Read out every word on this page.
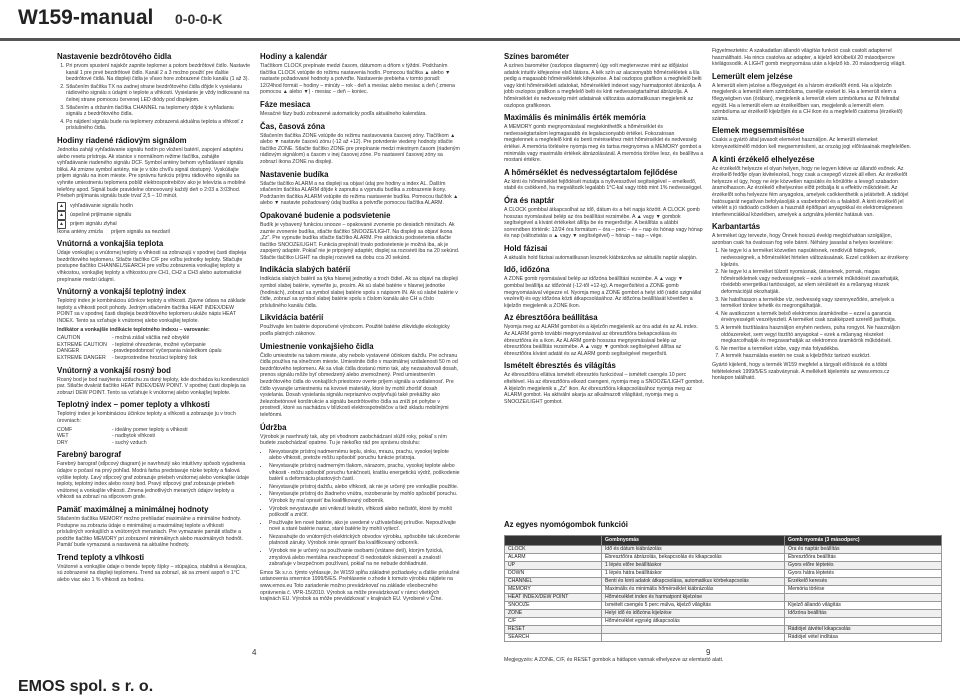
W159-manual 0-0-0-K
Nastavenie bezdrôtového čidla
1. Pri prvom spustení najskôr zapnite teplomer a potom bezdrôtové čidlo. Nastavte kanál 1 pre prvé bezdrôtové čidlo. Kanál 2 a 3 možno použiť pre ďalšie bezdrôtové čidlá. Na displeji čidla je vľavo hore zobrazené číslo kanálu (1 až 3).
2. Stlačením tlačítka TX na zadnej strane bezdrôtového čidla dôjde k vysielaniu rádiového signálu s údajmi o teplote a vlhkosti. Vysielanie je vždy indikované na čelnej strane pomocou červenej LED diódy pod displejom.
3. Stlačením a držaním tlačítka CHANNEL na teplomery dôjde k vyhľadaniu signálu z bezdrôtového čidla.
4. Po nájdení signálu bude na teplomery zobrazená aktuálna teplota a vlhkosť z príslušného čidla.
Hodiny riadené rádiovým signálom

Jednotka zahájí vyhľadávanie signálu hodín po vložení batérií, zapojení adaptéru alebo resetu prístroja. Ak stanice v normálnom režime tlačítka, zahájite vyhľadávanie riadeného signálu DCF. Symbol antény behom vyhľadávaní signálu bliká. Ak zmizne symbol antény, nie je v túto chvíľu signál dostupný. Vyskúšajte prijem signálu na inom mieste. Pre správnu funkciu príjmu rádiového signálu sa vyhnite umiestneniu teplomera pobliž elektrospotrebičov ako je televízia a mobilné telefóny apod. Signál bude pravidelne obnovovaný každý deň o 2:03 a 3:03hod. Priebeh prijímania signálu bude trvať 2,5 – 10 minút.

▲	vyhľadávanie signálu hodín
▲	úspešné prijímanie signálu
▲	prijem signálu zlyhal
Ikona antény zmizla	príjem signálu sa nezdaril
Vnútorná a vonkajšia teplota

Údaje vonkajšej a vnútornej teploty a vlhkosti sa zobrazujú v spodnej časti displeja bezdrôtového teplomeru. Stlačte tlačítko C/F pre voľbu jednotky teploty. Stlačujte postupne tlačítko CHANNEL/SEARCH pre voľbu zobrazenia vonkajšej teploty a vlhkostou, vonkajšej teploty a vlhkostou pre CH1, CH2 a CH3 alebo automatické prepínanie medzi údajmi.

Vnútorný a vonkajší teplotný index

Teplotný index je kombináciou účinkov teploty a vlhkosti. Zjavne údava na základe teploty a vlhkosti pocit pohody. Jedným stlačením tlačítka HEAT INDEX/DEW POINT sa v spodnej časti displeja bezdrôtového teplomeru ukáže nápis HEAT INDEX. Tento sa vzťahuje k vnútornej alebo vonkajšej teplote.

Indikátor a vonkajšie indikácie teplotného indexu – varovanie:

CAUTION	- možná zášal väčšia než obvyklé
EXTREME CAUTION - teplotné ohrezdenie, možné vyčerpanie
DANGER	-pravdepodobnosť vyčerpania následkom úpalu
EXTREME DANGER	- bezprostredne hrozíaci teplotný šok
Vnútorný a vonkajší rosný bod

Rosný bod je bod nasýtenia vzduchu za daný teploty, kde dochádza ku kondenzácii par. Stlačte dvakrát tlačítko HEAT INDEX/DEW POINT. V spodnej časti displeja sa zobrazí DEW POINT. Tento sa vzťahuje k vnútornej alebo vonkajšej teplote.

Teplotný index – pomer teploty a vlhkosti

Teplotný index je kombináciou účinkov teploty a vlhkosti a zobrazuje ju v troch úrovniach:

COMF	- ideálny pomer teploty a vlhkosti
WET	- nadbytok vlhkosti
DRY	- suchý vzduch
Farebný barograf

Farebný barograf (stĺpcový diagram) je navrhnutý ako intuitívny spôsob vyjadrenia údajov o počasí na prvý pohľad. Modrá farba predstavuje nízke teploty a fialová vyššie teploty. Ľavý stĺpcový graf zobrazuje priebeh vnútornej alebo vonkajšie údaje teploty, teplotný index alebo rosný bod. Pravý stĺpcový graf zobrazuje priebeh vnútornej a vonkajšie vlhkosti. Zmena jednotlivých meraných údajov teploty a vlhkosti sa zobrazí na stĺpcovom grafe.

Pamäť maximálnej a minimálnej hodnoty

Stlačením tlačítka MEMORY možno prehliadať maximálne a minimálne hodnoty. Postupne sa zobrazia údaje o minimálnej a maximálnej teplote a vlhkosti príslušných vonkajších a vnútorných meraniach. Pre vymazanie pamäti stlačte a podržte tlačítko MEMORY pri zobrazení minimálnych alebo maximálnych hodnôt. Pamäť bude vymazaná a nastavená na aktuálne hodnoty.

Trend teploty a vlhkosti

Vnútorné a vonkajšie údaje o trende tepoty šípky – stúpajúca, stabilná a klesajúca, sú zobrazené na displeji teplomeru. Trend sa zobrazí, ak sa zmení aspoň o 1°C alebo viac ako 1 % vlhkosti za hodinu.

Hodiny a kalendár

Tlačítkom CLOCK prepínate medzi časom, dátumom a dňom v týždni. Podržaním tlačítka CLOCK vstúpite do režimu nastavenia hodín. Pomocou tlačítka ▲ alebo ▼ nastavte požadované hodnoty a potvrďte. Nastavenie prebieha v tomto poradí: 12/24hod formát – hodiny – minúty – rok - deň a mesiac alebo mesiac a deň ( zmena pomocou ▲ alebo ▼) - mesiac – deň – koniec.

Fáze mesiaca

Mesačné fázy budú zobrazené automaticky podľa aktuálneho kalendára.

Čas, časová zóna

Stlačením tlačítka ZONE vstúpite do režimu nastavovania časovej zóny. Tlačítkom ▲ alebo ▼ nastavte časovú zónu (-12 až +12). Pre potvrdenie viedeny hodnoty stlačte tlačítko ZONE. Stlačte tlačítko ZONE pre prepínanie medzi miestnym časom (riadeným rádiovým signálom) a časom v inej časovej zóne. Po nastavení časovej zóny sa zobrazí ikona ZONE na displeji.

Nastavenie budíka

Stlačte tlačítko ALARM a na displeji sa objaví údaj pre hodiny a index AL. Ďalším stlačením tlačítka ALARM dôjde k zapnutiu a vypnutiu budíka a zobrazenie ikony. Podržaním tlačítka ALARM vstúpite do režimu nastavenie budíka. Pomocou tlačítok ▲ alebo ▼ nastavte požadovaný údaj budíka a potvrďte pomocou tlačítka ALARM.

Opakované budenie a podsvietenie

Budík je vybavený funkciou snooze – opakované zvonenie po desiatich minútach. Ak zaznie zvonenie budíka, stlačte tlačítko SNOOZE/LIGHT. Na displeji sa objaví ikona „Zz". Pre vypnutie budíka stlačte tlačítko ALARM. Pre aktiváciu podsvietenia stlačte tlačítko SNOOZE/LIGHT. Funkcia prepínátí trvalo podsvietenie je možná iba, ak je zapojený adaptér. Pokiaľ nie je pripojený adaptér, displej sa rozsvieti iba na 20 sekúnd. Stlačte tlačítko LIGHT na displej rozsvieti na dobu cca 20 sekúnd.

Indikácia slabých batérií

Indikácia slabých batérií sa týka hlavnej jednotky a troch čidiel. Ak sa objaví na displeji symbol slabej batérie, vymeňte ju, prosím. Ak sú slabé batérie v hlavnej jednotke (hodinách), zobrazí sa symbol slabej batérie spolu s nápisom IN. Ak sú slabé batérie v čidle, zobrazí sa symbol slabej batérie spolu s číslom kanálu ako CH a číslo príslušného kanálu čidla.

Likvidácia batérií

Používajte len batérie doporučené výrobcom. Použité batérie zlikvidujte ekologicky podľa platných zákonov.

Umiestnenie vonkajšieho čidla

Čidlo umiestnite na takom mieste, aby nebolo vystavené účinkom dažďu. Pre ochranu čidla používa na slnečnom mieste. Umiestnite čidlo v maximálnej vzdialenosti 50 m od bezdrôtového teplomeru. Ak sa však čidla dostanú mimo tak, aby nezasahovali dosah, prenos signálu môže byť obmedzený alebo znemožnený. Pred umiestnením bezdrôtového čidla do vonkajších priestorov overte príjem signálu a vzdialenosť. Pre čidlo vyvarujte umiestneniu na kovové materiály, ktoré by mohli zhoršiť dosah vysielania. Dosah vysielania signálu nepriaznivo ovplyvňujú také prekážky ako železobetónové konštrukcie a signálu bezdrôtového čidla sa zníži pri pohybe v prostredí, ktoré sa nachádza v blízkosti elektrospotrebičov a tiež skladu mobilnými telefónmi.

Údržba

Výrobok je navrhnutý tak, aby pri vhodnom zaobchádzaní slúžil roky, pokiaľ s ním budete zaobchádzať opatrne. Tu je niekoľko rád pre správnu obsluhu:

• Nevystavujte prístroj nadmernému teplu, slnku, mrazu, prachu, vysokej teplote alebo vlhkosti, pretože môžu spôsobiť poruchu funkcie prístroja.
• Nevystavujte prístroj nadmerným tlakom, nárazom, prachu, vysokej teplote alebo vlhkosti - môžu spôsobiť poruchu funkčnosti, kratšiu energetickú výdrž, poškodenie batérií a deformáciu plastových častí.
• Nevystavujte prístroj dažďu, alebo vlhkosti, ak nie je určený pre vonkajšie použitie.
• Nevystavujte prístroj do žiadneho vnútra, rozoberanie by mohlo spôsobiť poruchu. Výrobok by mal opraviť iba kvalifikovaný odborník.
• Výrobok nevystavujte ani vniknutí tekutín, vlhkosti alebo nečistôt, ktoré by mohli poškodiť a zničiť.
• Používajte len nové batérie, ako je uvedené v užívateľskej príručke. Nepoužívajte nové a staré batérie naraz, staré batérie by mohli vytiecť.
• Nezasahujte do vnútorných elektrických obvodov výrobku, spôsobíte tak ukončenie platnosti záruky. Výrobok smie opraviť iba kvalifikovaný odborník.
• Výrobok nie je určený na používanie osobami (vrátane detí), ktorým fyzická, zmyslová alebo mentálna neschopnosť či nedostatok skúseností a znalostí zabraňuje v bezpečnom používaní, pokiaľ na ne nebude dohliadnuté.

Emos Sk s.r.o. týmto vyhlasuje, že W159 spĺňa základné požiadavky a ďalšie príslušné ustanovenia smernice 1999/5/ES. Prehlásenie o zhode k tomuto výrobku nájdete na www.emos.eu Toto zariadenie možno prevádzkovať na základe všeobecného oprávnenia č. VPR-15/2010. Výrobok sa môže prevádzkovať v rámci všetkých krajinách EU. Výrobok sa môže prevádzkovať v krajinách EU. Vyrobené v Číne.

Színes barométer

A színes barométer (oszlopos diagramm) úgy volt megtervezve mint az időjárási adatok intuitív kifejezése első látásra. A kék szín az alacsonyabb hőmérsékletek a lila pedig a magasabb hőmérsékletek kifejezése. A bal oszlopos grafikon a megfelelő belti vagy kinti hőmérsékleti adatokat, hőmérsékleti indexet vagy harmatpontot ábrázolja. A jobb oszlopos grafikon a megfelelő belti és kinti nedvességtartalmat ábrázolja. A hőmérséklet és nedvesség mért adatainak változása automatikusan megjelenik az oszlopos grafikonon.

Maximális és minimális érték memória

A MEMORY gomb megnyomásával megtekinthetők a hőmérséklet és nedvességtartalom legmagasabb és legalacsonyabb értékei. Fokozatosan megjelennek a megfelelő kinti és benti mérésekhez mért hőmérséklet és nedvesség értékei. A memória törlésére nyomja meg és tartsa megnyomva a MEMORY gombot a minimális vagy maximális értékek ábrázolásánál. A memória törölve lesz, és beállítva a mostani értékre.

A hőmérséklet és nedvességtartalom fejlődése

Az kinti és hőmérséklet fejlődését mutatja a nyílvesszővel segítségével – emelkedő, stabil és csökkenő, ha megváltozik legalább 1°C-kal vagy több mint 1% nedvességgel.

Óra és naptár

A CLOCK gombbal átkapcsolhat az idő, dátum és a hét napja között. A CLOCK gomb hosszas nyomásával belép az óra beállítási rezsimébe. A ▲ vagy ▼ gombok segítségével a kívánt értékeket állítja be és megerősítje. A beállítás a alábbi sorrendben történik: 12/24 óra formátum – óra – perc – év – nap és hónap vagy hónap és nap (változtatás a ▲ vagy ▼ segítségével) – hónap – nap – vége.

Hold fázisai

A aktuális hold fázisai automatikusan lesznek kiábrázolva az aktuális naptár alapján.

Idő, időzóna

A ZONE gomb nyomásával belép az időzóna beállítási rezsimbe. A ▲ vagy ▼ gombbal beállítja az időzónát (-12-től +12-ig). A megerősítést a ZONE gomb megnyomásával végezze el. Nyomja meg a ZONE gombot a helyi idő (rádió szignállal vezérelt) és egy időzóna közti átkapcsolásához. Az időzóna beállítását követően a kijelzőn megjelenik a ZONE ikon.

Az ébresztőóra beállítása

Nyomja meg az ALARM gombot és a kijelzőn megjelenik az óra adat és az AL index. Az ALARM gomb további megnyomásával az ébresztőóra bekapcsolása és ébresztőóra és a ikon. Az ALARM gomb hosszas megnyomásával belép az ébresztőóra beállítás rezsimébe. A ▲ vagy ▼ gombok segítségével állítsa az ébresztőóra kívánt adatát és az ALARM gomb segítségével megerősíti.

Ismételt ébresztés és világítás

Az ébresztőóra ellátva ismételt ébresztés funkcióval – ismételt csengés 10 perc elteltével. Ha az ébresztőóra elkezd csengeni, nyomja meg a SNOOZE/LIGHT gombot. A kijelzőn megjelenik a „Zz" ikon. Az ébresztőóra kikapcsolásához nyomja meg az ALARM gombot. Ha aktiválni akarja az alkalmazott világítást, nyomja meg a SNOOZE/LIGHT gombot.

Figyelmeztetés: A szakadatlan állandó világítás funkció csak csatolt adapterrel használtható. Ha nincs csatolva az adapter, a kijelző körülbelül 20 másodpercre kivilágosodik. A LIGHT gomb megnyomása után a kijelző kb. 20 másodpercig világít.

Lemerült elem jelzése

A lemerült elem jelzése a főegységet és a három érzékelőt érinti. Ha a kijelzőn megjelenik a lemerült elem szimbóluma, cserélje ezeket ki. Ha a lemerült elem a főegységben van (órában), megjelenik a lemerült elem szimbóluma az IN felirattal együtt. Ha a lemerült elem az érzékelőben van, megjelenik a lemerült elem szimbóluma az érzékelő kijelzőjén és a CH ikon és a megfelelő csatorna (érzékelő) száma.

Elemek megsemmisítése

Csakis a gyártó által javasolt elemeket használjon. Az lemerült elemeket környezetkímélő módon kell megsemmisíteni, az ország jogi előírásainak megfelelően.

A kinti érzékelő elhelyezése

Az érzékelőt helyezze el olyan helyen, hogy ne legyen kitéve az állandó esőnek. Az érzékelő fedője olyan kivitelezésű, hogy csak a csepegő vízzek áll ellen. Az érzékelőt helyezze el úgy, hogy ne érje közvetlen napsütés és körülötte a levegő szabadon áramolhasson. Az érzékelő elhelyezése előtt próbálja ki a effektív működését. Az érzékelőt soha helyezze fém anyagokra, amelyek csökkenthetik a jelátvitelt. A rádiójel hatósugarát negatívan befolyásolják a vasbetonból és a falakból. A kinti érzékelő jel vételét a jó rádióadó csökken a használt építőipari anyagokkal és elektromágneses interferenciákkal közelében, amelyek a szignálra jelentéz hatásuk van.

Karbantartás

A terméket úgy tervezte, hogy Önnek hosszú évekig megbízhatóan szolgáljon, azonban csak ha óvatosan fog vele bánni. Néhány javaslat a helyes kezelésre:

1. Ne tegye ki a terméket közvetlen napsütésnek, rendkívüli hidegnek, nedvességnek, a hőmérséklet hirtelen változásaának. Ezzel csökken az érzékeny kijelzés.
2. Ne tegye ki a terméket túlzott nyomásnak, ütéseknek, pornak, magas hőmérsékletnek vagy nedvességnek – ezek a termék működését zavarhatják, rövidebb energetikai tartósságot, az elem sérülését és a műanyag részek deformációját okozhatják.
3. Ne hatolhasson a termékbe víz, nedvesség vagy szennyeződés, amelyek a terméket tönkre tehetik és megrongálhatják.
4. Ne avatkozzon a termék belső elektromos áramköreibe – ezzel a garancia érvényességét veszélyezteti. A terméket csak szakképzett szerelő javíthatja.
5. A termék tisztítására használjon enyhén nedves, puha rongyot. Ne használjon oldószereket, sem vegyi tisztító anyagokat – ezek a műanyag részeket megkarcolhatják és megzavarhatják az elektromos áramkörök működését.
6. Ne merítse a terméket vízbe, vagy más folyadékba.
7. A termék használata esetén ne csak a kijelzőhöz tartozó eszközt.

Gyártó kijelenti, hogy a termék W159 megfelel a tárgyalt előírások és a többi feltételeknek 1999/5/ES szabványnak. A mellékelt kijelentés az www.emos.cz honlapon található.

Az egyes nyomógombok funkciói
	Gombnyomás	Gomb nyomás (3 másodperc)
CLOCK	Idő és dátum kiábrázolás	Óra és naptár beállítás
ALARM	Ébresztőóra ábrázolás, bekapcsolás és kikapcsolás	Ébresztőóra beállítás
UP	1 lépés előre beállításkor	Gyors előre léptetés
DOWN	1 lépés hátra beállításkor	Gyors hátra léptetés
CHANNEL	Benti és kinti adatok átkapcsolása, automatikus körbekapcsolás	Érzékelő keresés
MEMORY	Maximális és minimális hőmérséklet kiábrázolás	Memória törlése
HEAT INDEX/DEW POINT	Hőmérséklet index és harmatpont kijelzése	
SNOOZE	Ismételt csengés 5 perc múlva, kijelző világítás	Kijelző állandó világítás
ZONE	Helyi idő és időzóna kijelzése	Időzóna beállítás
C/F	Hőmérséklet egység átkapcsolás	
RESET		Rádiójel átvétel kikapcsolás
SEARCH		Rádiójel vétel indítása
Megjegyzés: A ZONE, C/F, és RESET gombok a hátlapon vannak elhelyezve az elemtartó alatt.
EMOS spol. s r. o.
4	9
